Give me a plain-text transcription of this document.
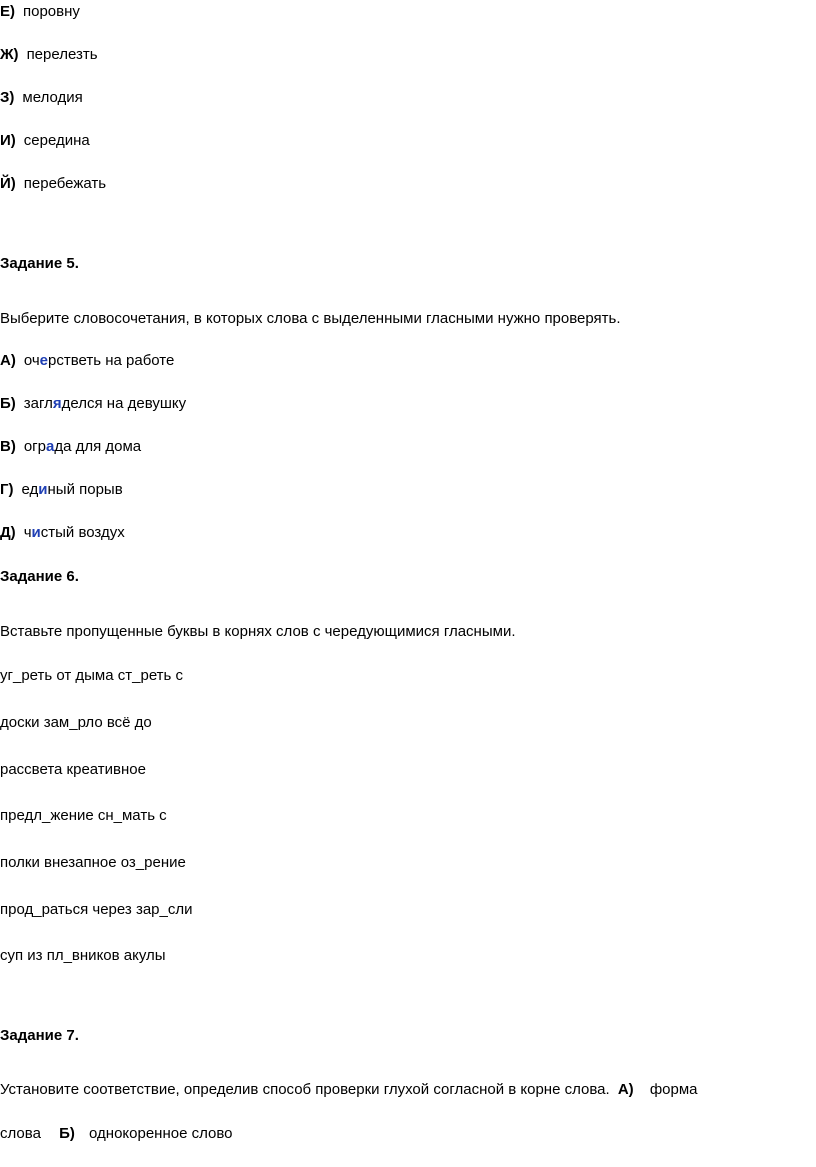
Е) поровну
Ж) перелезть
З) мелодия
И) середина
Й) перебежать
Задание 5.
Выберите словосочетания, в которых слова с выделенными гласными нужно проверять.
А) очерстветь на работе
Б) загляделся на девушку
В) ограда для дома
Г) единый порыв
Д) чистый воздух
Задание 6.
Вставьте пропущенные буквы в корнях слов с чередующимися гласными.
уг_реть от дыма ст_реть с
доски зам_рло всё до
рассвета креативное
предл_жение сн_мать с
полки внезапное оз_рение
прод_раться через зар_сли
суп из пл_вников акулы
Задание 7.
Установите соответствие, определив способ проверки глухой согласной в корне слова. А) форма
слова Б) однокоренное слово
